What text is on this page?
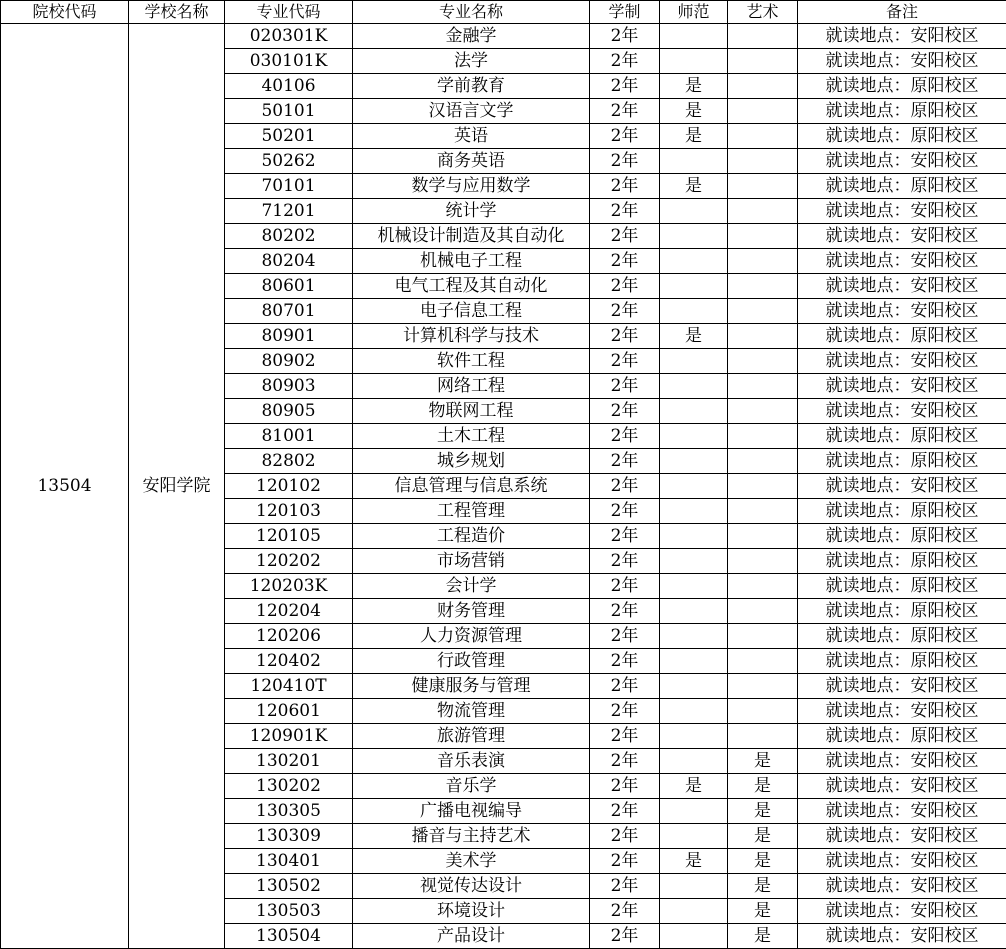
院校代码	学校名称	专业代码	专业名称	学制	师范	艺术	备注
13504	安阳学院	020301K	金融学	2年			就读地点：安阳校区
		030101K	法学	2年			就读地点：安阳校区
		40106	学前教育	2年	是		就读地点：原阳校区
		50101	汉语言文学	2年	是		就读地点：原阳校区
		50201	英语	2年	是		就读地点：原阳校区
		50262	商务英语	2年			就读地点：安阳校区
		70101	数学与应用数学	2年	是		就读地点：原阳校区
		71201	统计学	2年			就读地点：安阳校区
		80202	机械设计制造及其自动化	2年			就读地点：安阳校区
		80204	机械电子工程	2年			就读地点：安阳校区
		80601	电气工程及其自动化	2年			就读地点：安阳校区
		80701	电子信息工程	2年			就读地点：安阳校区
		80901	计算机科学与技术	2年	是		就读地点：原阳校区
		80902	软件工程	2年			就读地点：安阳校区
		80903	网络工程	2年			就读地点：安阳校区
		80905	物联网工程	2年			就读地点：安阳校区
		81001	土木工程	2年			就读地点：原阳校区
		82802	城乡规划	2年			就读地点：原阳校区
		120102	信息管理与信息系统	2年			就读地点：安阳校区
		120103	工程管理	2年			就读地点：原阳校区
		120105	工程造价	2年			就读地点：原阳校区
		120202	市场营销	2年			就读地点：原阳校区
		120203K	会计学	2年			就读地点：原阳校区
		120204	财务管理	2年			就读地点：原阳校区
		120206	人力资源管理	2年			就读地点：原阳校区
		120402	行政管理	2年			就读地点：原阳校区
		120410T	健康服务与管理	2年			就读地点：安阳校区
		120601	物流管理	2年			就读地点：安阳校区
		120901K	旅游管理	2年			就读地点：原阳校区
		130201	音乐表演	2年		是	就读地点：安阳校区
		130202	音乐学	2年	是	是	就读地点：安阳校区
		130305	广播电视编导	2年		是	就读地点：安阳校区
		130309	播音与主持艺术	2年		是	就读地点：安阳校区
		130401	美术学	2年	是	是	就读地点：安阳校区
		130502	视觉传达设计	2年		是	就读地点：安阳校区
		130503	环境设计	2年		是	就读地点：安阳校区
		130504	产品设计	2年		是	就读地点：安阳校区
